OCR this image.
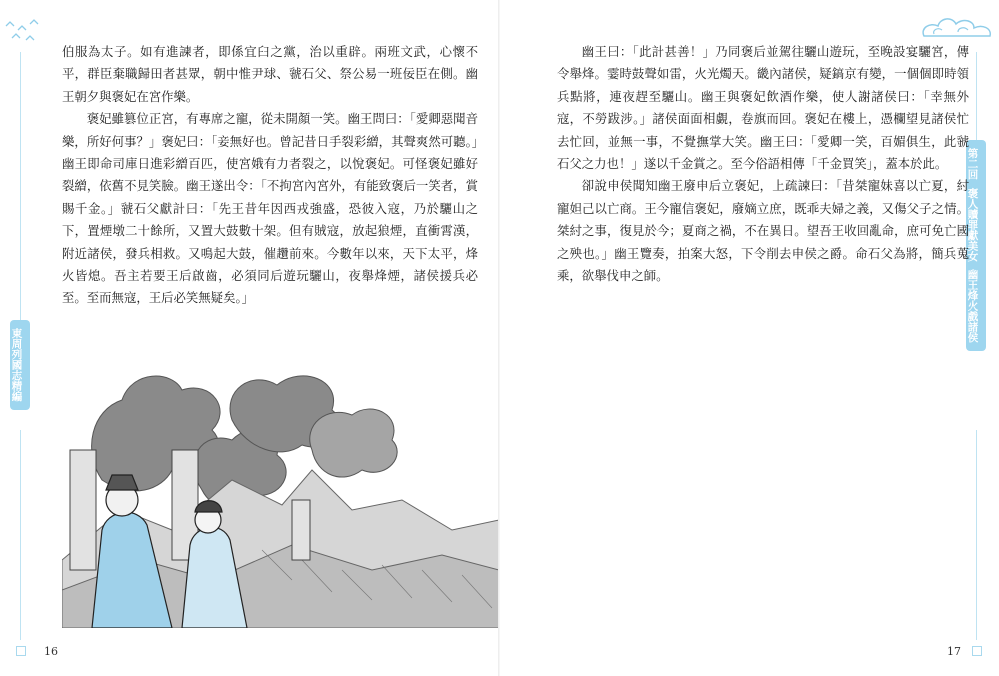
東周列國志精編

伯服為太子。如有進諫者，即係宜臼之黨，治以重辟。兩班文武，心懷不平，群臣棄職歸田者甚眾，朝中惟尹球、虢石父、祭公易一班佞臣在側。幽王朝夕與褒妃在宮作樂。

褒妃雖篡位正宮，有專席之寵，從未開顏一笑。幽王問曰：「愛卿惡聞音樂，所好何事？」褒妃曰：「妾無好也。曾記昔日手裂彩繒，其聲爽然可聽。」幽王即命司庫日進彩繒百匹，使宮娥有力者裂之，以悅褒妃。可怪褒妃雖好裂繒，依舊不見笑臉。幽王遂出令：「不拘宮內宮外，有能致褒后一笑者，賞賜千金。」虢石父獻計曰：「先王昔年因西戎強盛，恐彼入寇，乃於驪山之下，置煙墩二十餘所，又置大鼓數十架。但有賊寇，放起狼煙，直衝霄漢，附近諸侯，發兵相救。又鳴起大鼓，催趲前來。今數年以來，天下太平，烽火皆熄。吾主若要王后啟齒，必須同后遊玩驪山，夜舉烽煙，諸侯援兵必至。至而無寇，王后必笑無疑矣。」

16
第二回
褒人贖罪獻美女
幽王烽火戲諸侯

幽王曰：「此計甚善！」乃同褒后並駕往驪山遊玩，至晚設宴驪宮，傳令舉烽。霎時鼓聲如雷，火光燭天。畿內諸侯，疑鎬京有變，一個個即時領兵點將，連夜趕至驪山。幽王與褒妃飲酒作樂，使人謝諸侯曰：「幸無外寇，不勞跋涉。」諸侯面面相覷，卷旗而回。褒妃在樓上，憑欄望見諸侯忙去忙回，並無一事，不覺撫掌大笑。幽王曰：「愛卿一笑，百媚俱生，此虢石父之力也！」遂以千金賞之。至今俗語相傳「千金買笑」，蓋本於此。

卻說申侯聞知幽王廢申后立褒妃，上疏諫曰：「昔桀寵妹喜以亡夏，紂寵妲己以亡商。王今寵信褒妃，廢嫡立庶，既乖夫婦之義，又傷父子之情。桀紂之事，復見於今；夏商之禍，不在異日。望吾王收回亂命，庶可免亡國之殃也。」幽王覽奏，拍案大怒，下令削去申侯之爵。命石父為將，簡兵蒐乘，欲舉伐申之師。

17
